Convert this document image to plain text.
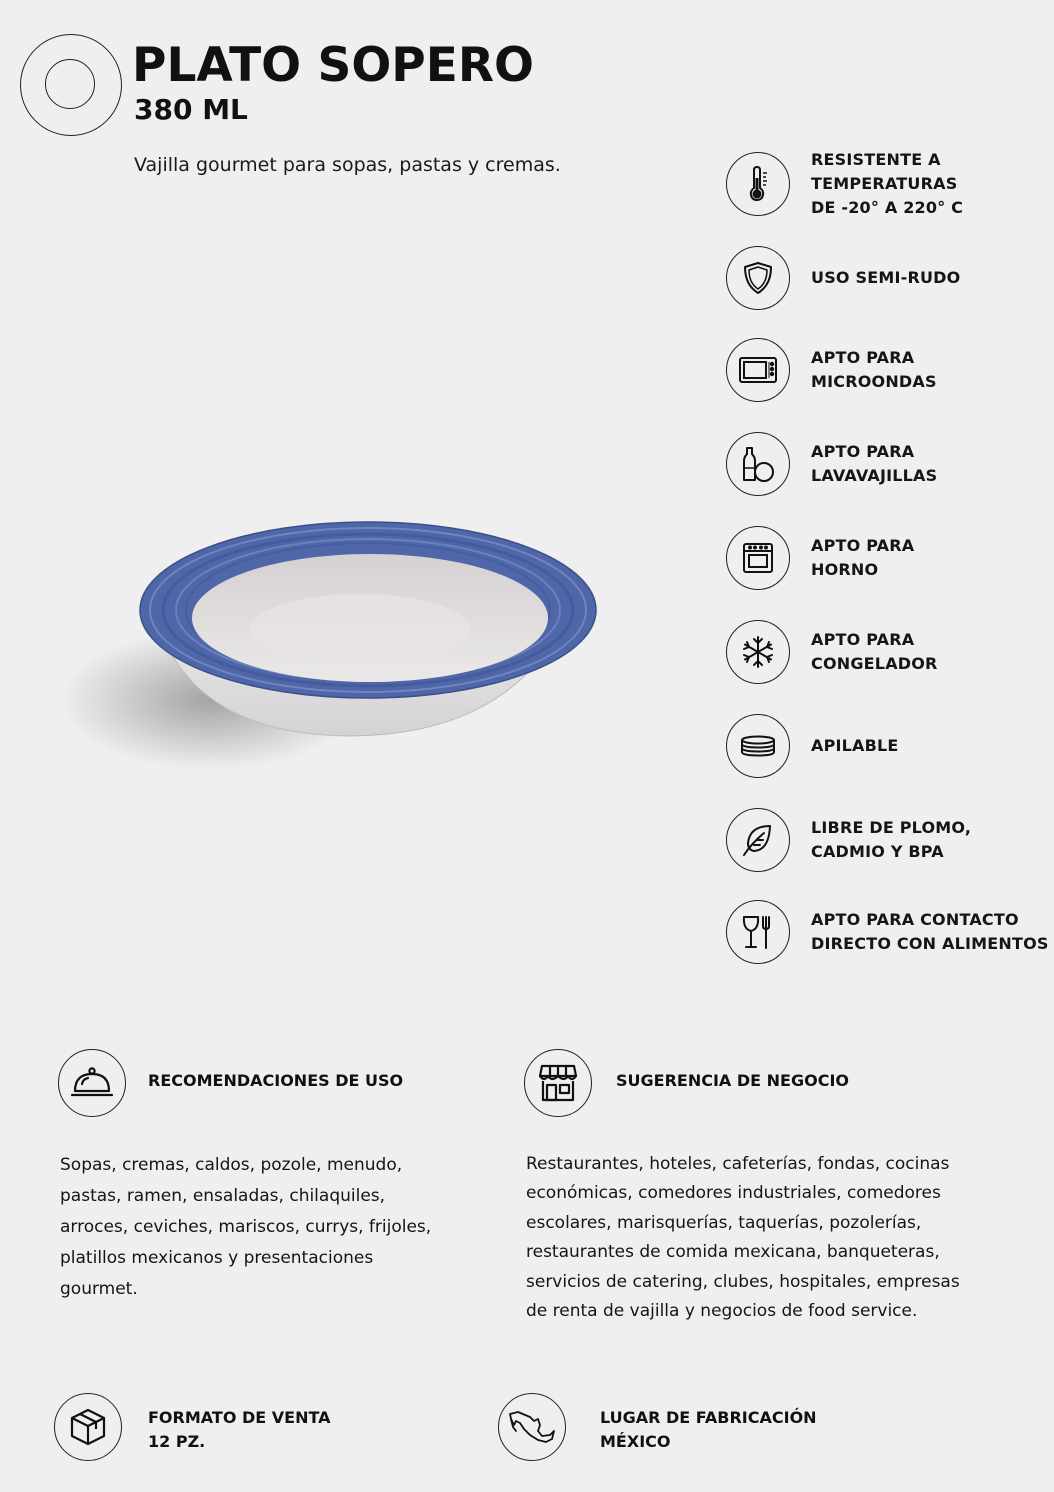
PLATO SOPERO
380 ML
Vajilla gourmet para sopas, pastas y cremas.	RESISTENTE A
TEMPERATURAS
DE -20° A 220° C
USO SEMI-RUDO
APTO PARA
MICROONDAS
APTO PARA
LAVAVAJILLAS
APTO PARA
HORNO
APTO PARA
CONGELADOR
APILABLE
LIBRE DE PLOMO,
CADMIO Y BPA
APTO PARA CONTACTO
DIRECTO CON ALIMENTOS
RECOMENDACIONES DE USO
Sopas, cremas, caldos, pozole, menudo, pastas, ramen, ensaladas, chilaquiles, arroces, ceviches, mariscos, currys, frijoles, platillos mexicanos y presentaciones gourmet.
SUGERENCIA DE NEGOCIO
Restaurantes, hoteles, cafeterías, fondas, cocinas económicas, comedores industriales, comedores escolares, marisquerías, taquerías, pozolerías, restaurantes de comida mexicana, banqueteras, servicios de catering, clubes, hospitales, empresas de renta de vajilla y negocios de food service.
FORMATO DE VENTA
12 PZ.
LUGAR DE FABRICACIÓN
MÉXICO
